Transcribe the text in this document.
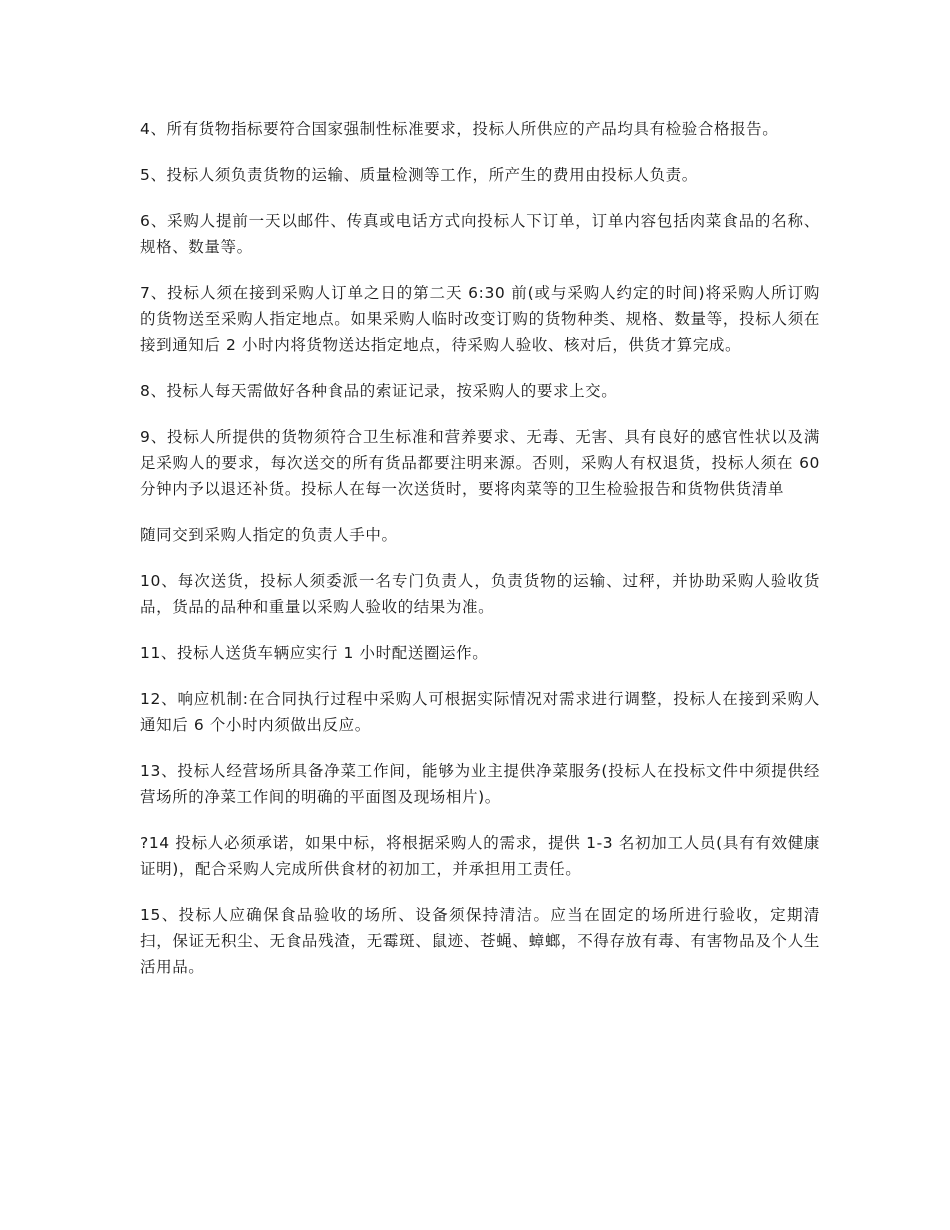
4、所有货物指标要符合国家强制性标准要求，投标人所供应的产品均具有检验合格报告。

5、投标人须负责货物的运输、质量检测等工作，所产生的费用由投标人负责。

6、采购人提前一天以邮件、传真或电话方式向投标人下订单，订单内容包括肉菜食品的名称、规格、数量等。

7、投标人须在接到采购人订单之日的第二天 6:30 前(或与采购人约定的时间)将采购人所订购的货物送至采购人指定地点。如果采购人临时改变订购的货物种类、规格、数量等，投标人须在接到通知后 2 小时内将货物送达指定地点，待采购人验收、核对后，供货才算完成。

8、投标人每天需做好各种食品的索证记录，按采购人的要求上交。

9、投标人所提供的货物须符合卫生标准和营养要求、无毒、无害、具有良好的感官性状以及满足采购人的要求，每次送交的所有货品都要注明来源。否则，采购人有权退货，投标人须在 60 分钟内予以退还补货。投标人在每一次送货时，要将肉菜等的卫生检验报告和货物供货清单

随同交到采购人指定的负责人手中。

10、每次送货，投标人须委派一名专门负责人，负责货物的运输、过秤，并协助采购人验收货品，货品的品种和重量以采购人验收的结果为准。

11、投标人送货车辆应实行 1 小时配送圈运作。

12、响应机制:在合同执行过程中采购人可根据实际情况对需求进行调整，投标人在接到采购人通知后 6 个小时内须做出反应。

13、投标人经营场所具备净菜工作间，能够为业主提供净菜服务(投标人在投标文件中须提供经营场所的净菜工作间的明确的平面图及现场相片)。

?14 投标人必须承诺，如果中标，将根据采购人的需求，提供 1-3 名初加工人员(具有有效健康证明)，配合采购人完成所供食材的初加工，并承担用工责任。

15、投标人应确保食品验收的场所、设备须保持清洁。应当在固定的场所进行验收，定期清扫，保证无积尘、无食品残渣，无霉斑、鼠迹、苍蝇、蟑螂，不得存放有毒、有害物品及个人生活用品。
